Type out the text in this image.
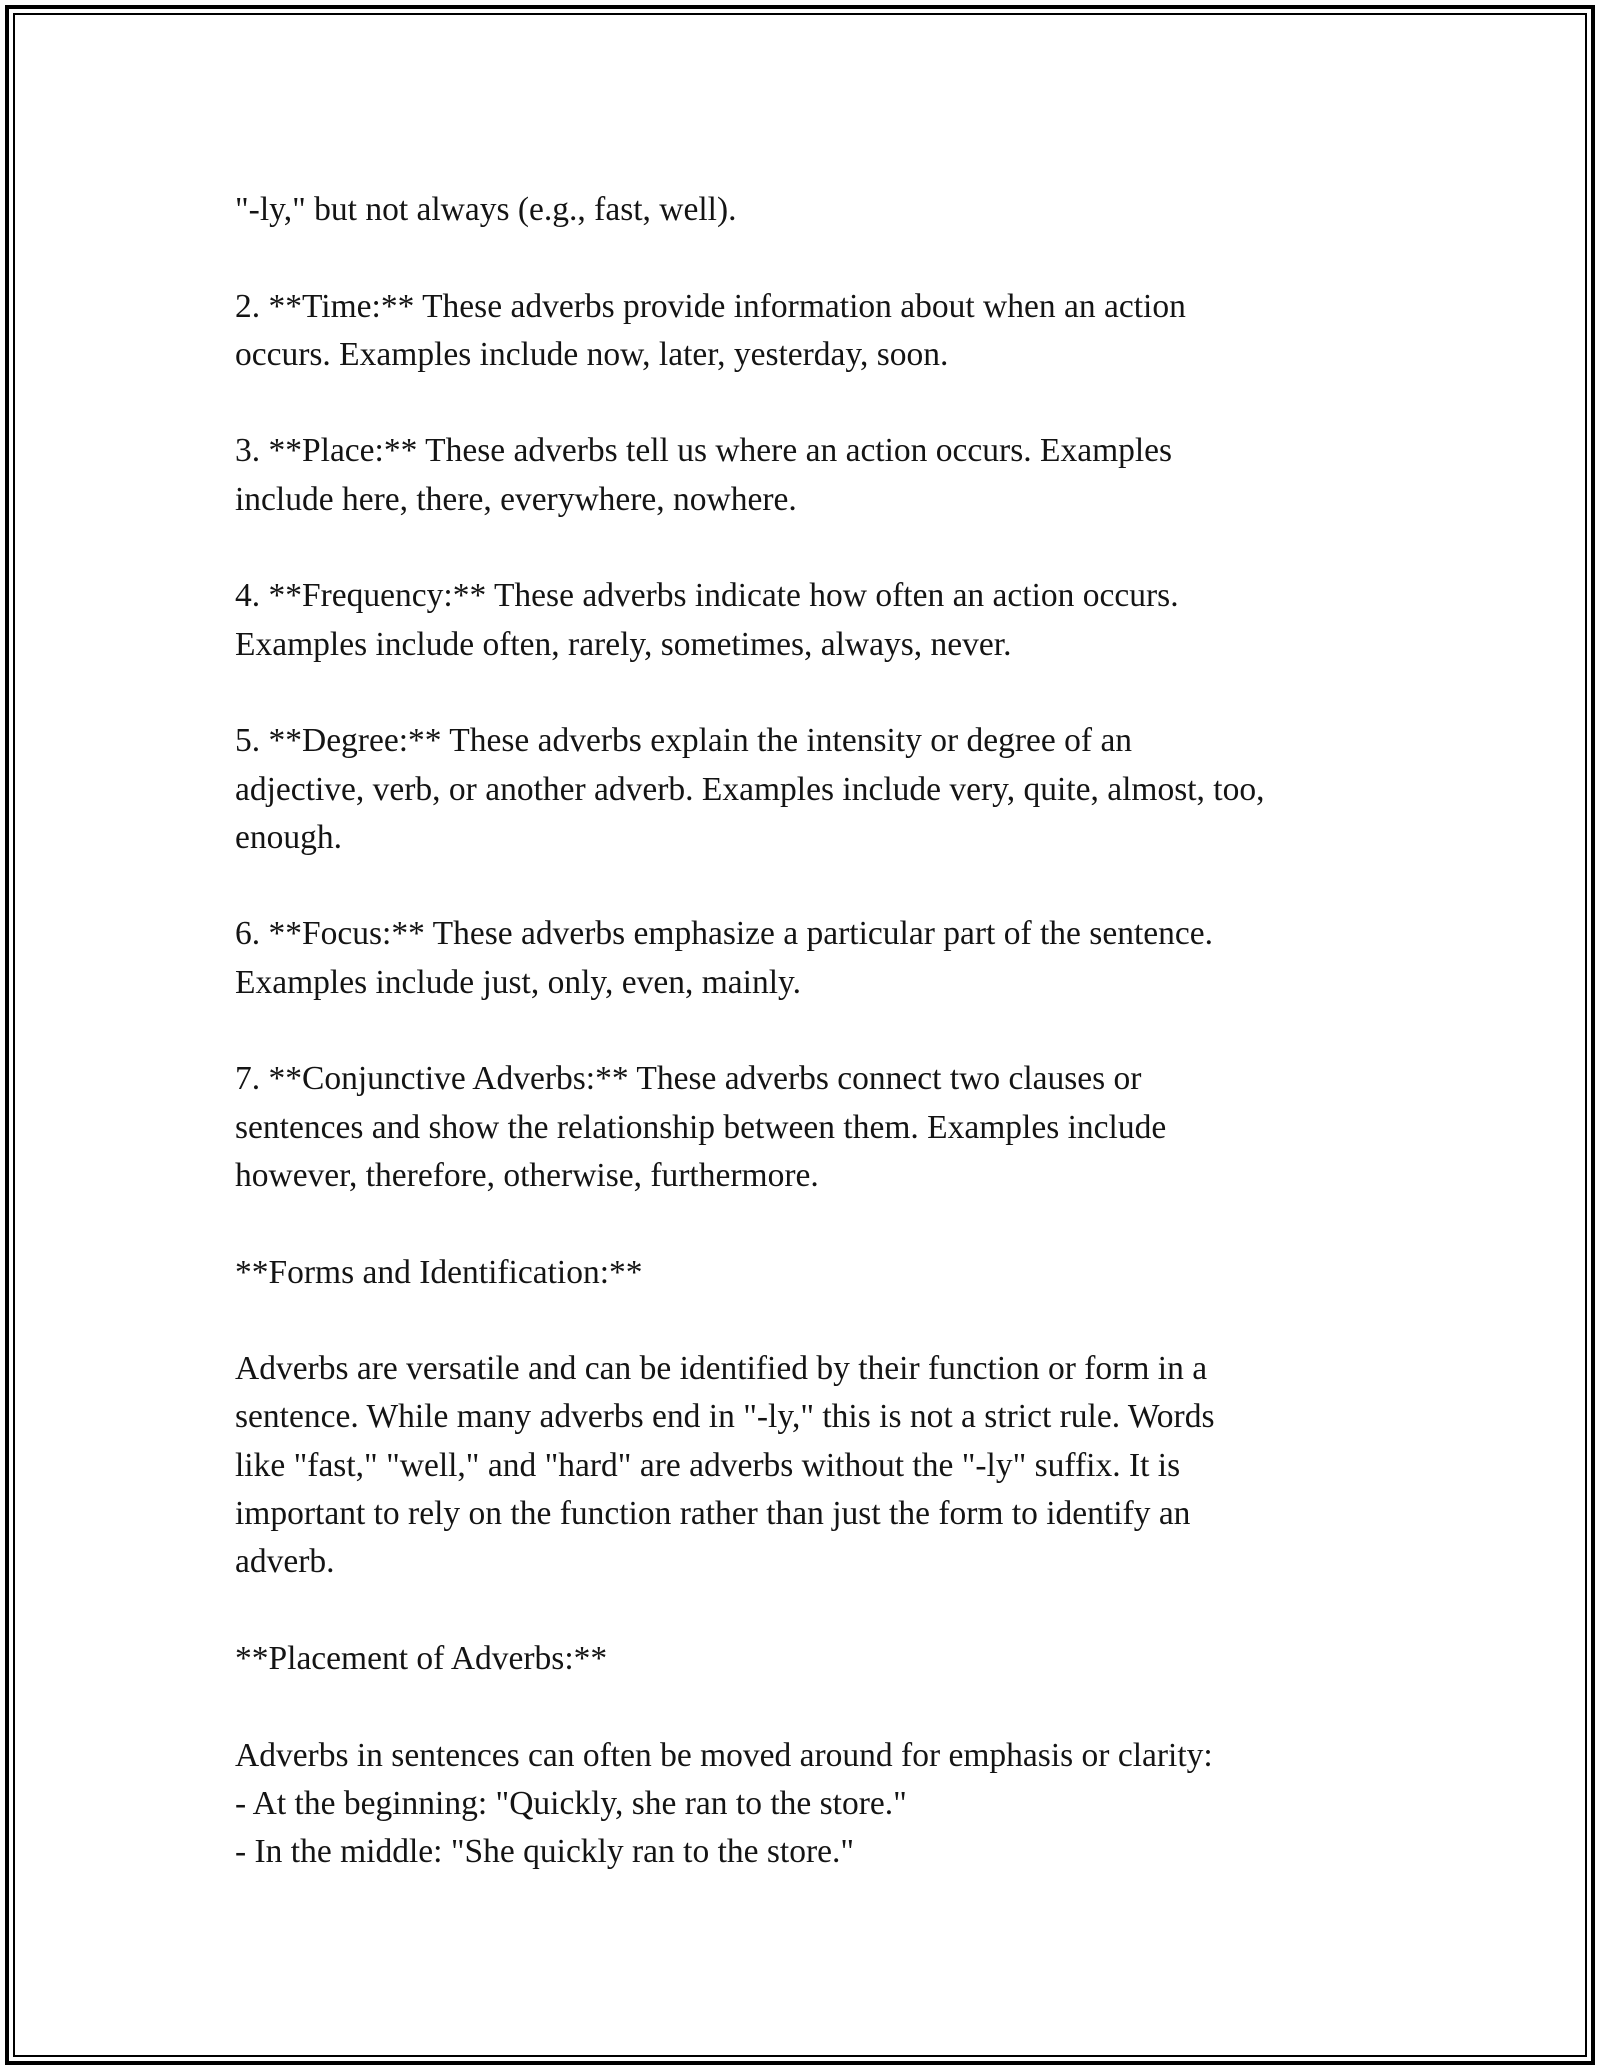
"-ly," but not always (e.g., fast, well).

2. **Time:** These adverbs provide information about when an action
occurs. Examples include now, later, yesterday, soon.

3. **Place:** These adverbs tell us where an action occurs. Examples
include here, there, everywhere, nowhere.

4. **Frequency:** These adverbs indicate how often an action occurs.
Examples include often, rarely, sometimes, always, never.

5. **Degree:** These adverbs explain the intensity or degree of an
adjective, verb, or another adverb. Examples include very, quite, almost, too,
enough.

6. **Focus:** These adverbs emphasize a particular part of the sentence.
Examples include just, only, even, mainly.

7. **Conjunctive Adverbs:** These adverbs connect two clauses or
sentences and show the relationship between them. Examples include
however, therefore, otherwise, furthermore.

**Forms and Identification:**

Adverbs are versatile and can be identified by their function or form in a
sentence. While many adverbs end in "-ly," this is not a strict rule. Words
like "fast," "well," and "hard" are adverbs without the "-ly" suffix. It is
important to rely on the function rather than just the form to identify an
adverb.

**Placement of Adverbs:**

Adverbs in sentences can often be moved around for emphasis or clarity:
- At the beginning: "Quickly, she ran to the store."
- In the middle: "She quickly ran to the store."
